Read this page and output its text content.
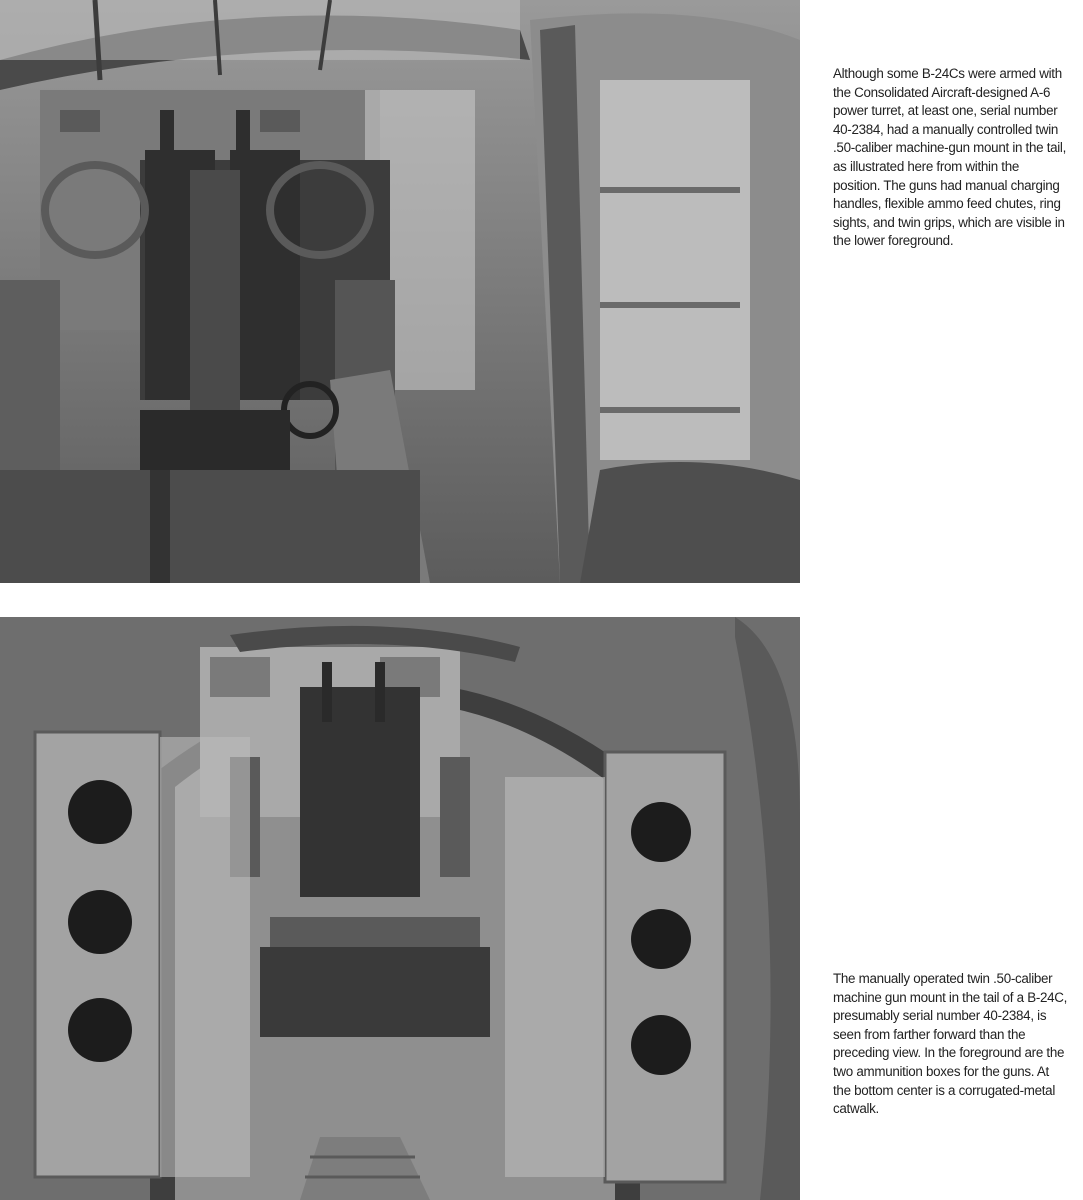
Although some B-24Cs were armed with the Consolidated Aircraft-designed A-6 power turret, at least one, serial number 40-2384, had a manually controlled twin .50-caliber machine-gun mount in the tail, as illustrated here from within the position. The guns had manual charging handles, flexible ammo feed chutes, ring sights, and twin grips, which are visible in the lower foreground.

The manually operated twin .50-caliber machine gun mount in the tail of a B-24C, presumably serial number 40-2384, is seen from farther forward than the preceding view. In the foreground are the two ammunition boxes for the guns. At the bottom center is a corrugated-metal catwalk.
